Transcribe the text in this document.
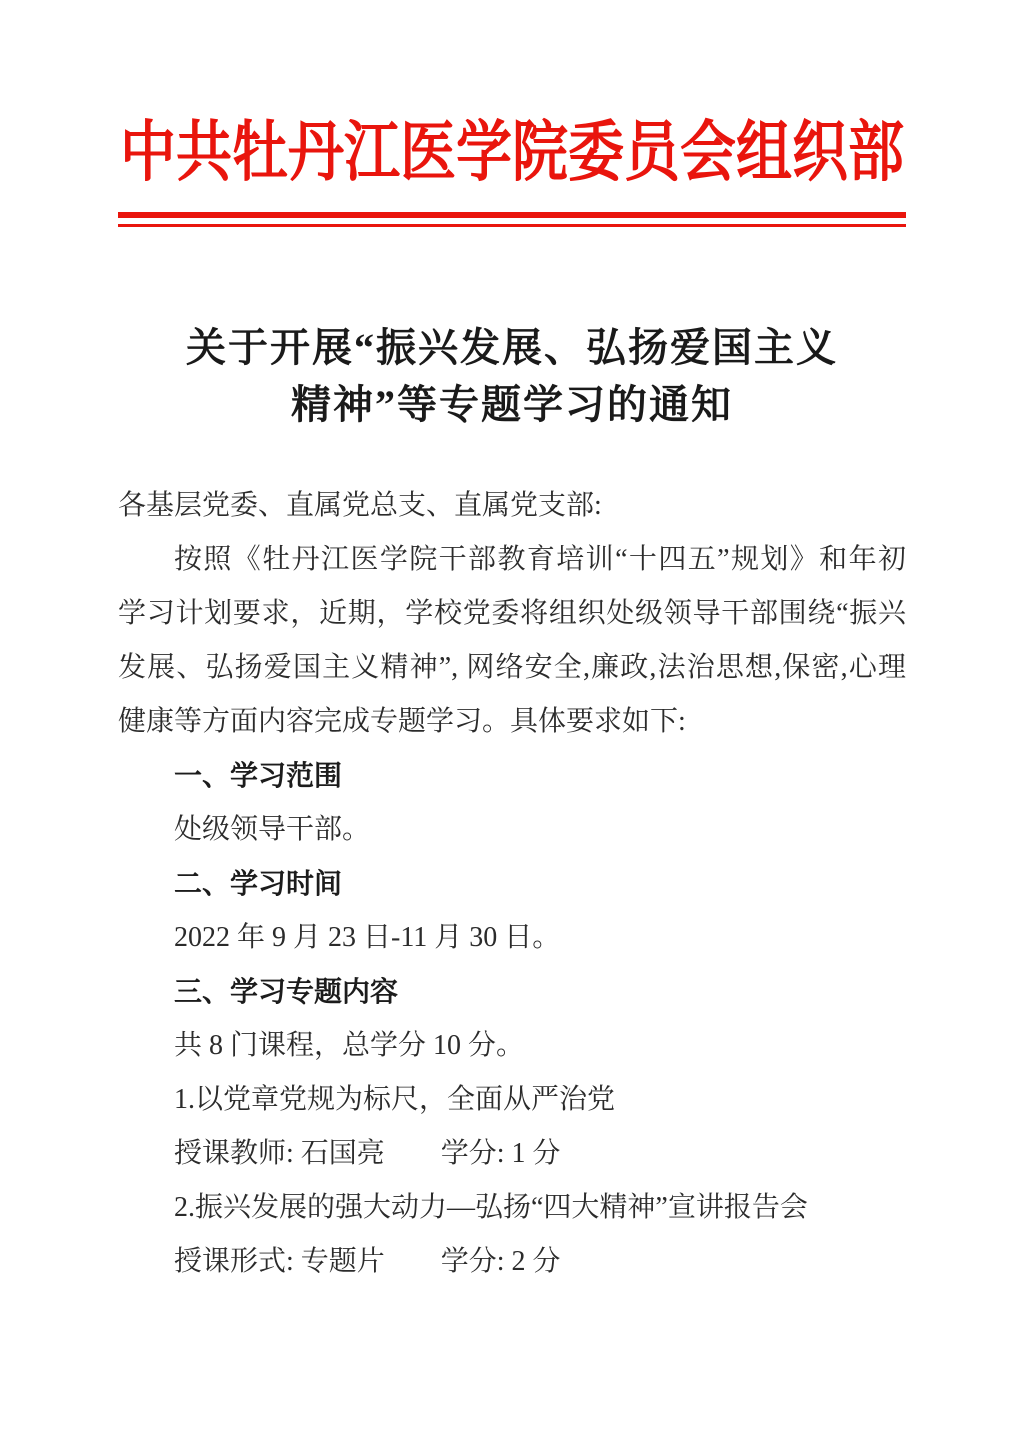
中共牡丹江医学院委员会组织部
关于开展“振兴发展、弘扬爱国主义
精神”等专题学习的通知
各基层党委、直属党总支、直属党支部:
按照《牡丹江医学院干部教育培训“十四五”规划》和年初
学习计划要求，近期，学校党委将组织处级领导干部围绕“振兴
发展、弘扬爱国主义精神”, 网络安全,廉政,法治思想,保密,心理
健康等方面内容完成专题学习。具体要求如下:
一、学习范围
处级领导干部。
二、学习时间
2022 年 9 月 23 日-11 月 30 日。
三、学习专题内容
共 8 门课程，总学分 10 分。
1.以党章党规为标尺，全面从严治党
授课教师: 石国亮　　学分: 1 分
2.振兴发展的强大动力—弘扬“四大精神”宣讲报告会
授课形式: 专题片　　学分: 2 分
